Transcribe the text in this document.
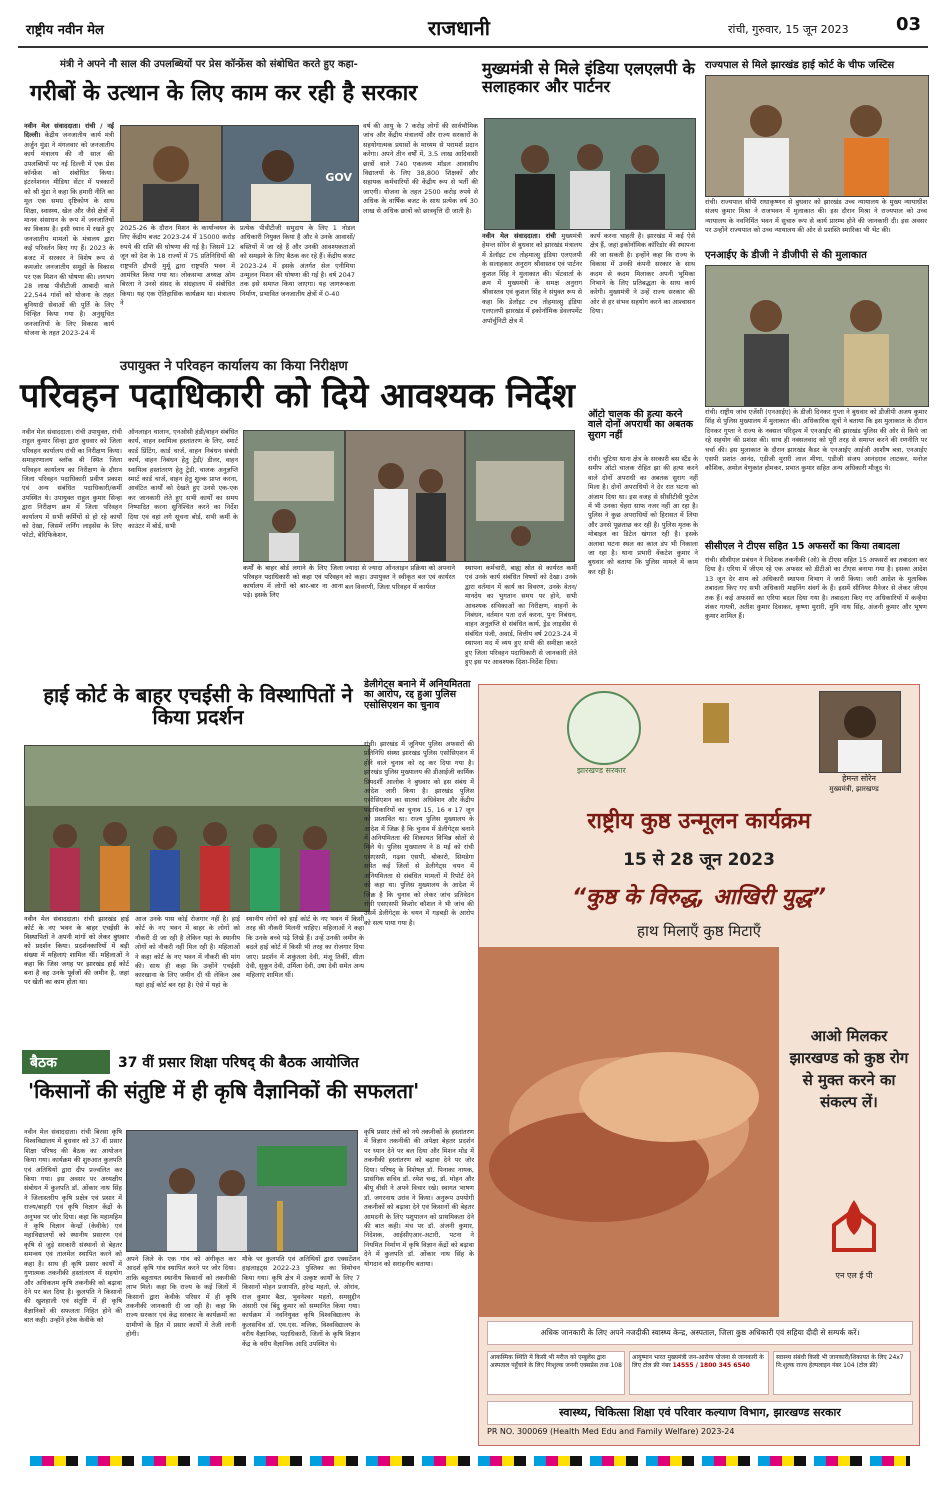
राष्ट्रीय नवीन मेल	राजधानी	रांची, गुरुवार, 15 जून 2023	03
मंत्री ने अपने नौ साल की उपलब्धियों पर प्रेस कॉन्फ्रेंस को संबोधित करते हुए कहा-
गरीबों के उत्थान के लिए काम कर रही है सरकार
नवीन मेल संवाददाता। रांची / नई दिल्ली। केंद्रीय जनजातीय कार्य मंत्री अर्जुन मुंडा ने मंगलवार को जनजातीय कार्य मंत्रालय की नौ साल की उपलब्धियों पर नई दिल्ली में एक प्रेस कॉन्फ्रेंस को संबोधित किया। इंटरनेशनल मीडिया सेंटर में पत्रकारों को श्री मुंडा ने कहा कि हमारी नीति का मूल एक समग्र दृष्टिकोण के साथ शिक्षा, स्वास्थ्य, खेल और जैसे क्षेत्रों में मानव संसाधन के रूप में जनजातियों का विकास है। इसी ध्यान में रखते हुए जनजातीय मामलों के मंत्रालय द्वारा कई परिवर्तन किए गए हैं। 2023 के बजट में सरकार ने विशेष रूप से कमजोर जनजातीय समूहों के विकास पर एक मिशन की घोषणा की। लगभग 28 लाख पीवीटीजी आबादी वाले 22,544 गांवों को योजना के तहत बुनियादी सेवाओं की पूर्ति के लिए चिन्हित किया गया है। अनुसूचित जनजातियों के लिए विकास कार्य योजना के तहत 2023-24 में
GOV
2025-26 के दौरान मिशन के कार्यान्वयन के लिए केंद्रीय बजट 2023-24 में 15000 करोड़ रुपये की राशि की घोषणा की गई है। जिसमें 12 जून को देश के 18 राज्यों में 75 प्रतिनिधियों की राष्ट्रपति द्रौपदी मुर्मू द्वारा राष्ट्रपति भवन में आमंत्रित किया गया था। लोकसभा अध्यक्ष ओम बिरला ने उनसे संसद के संग्रहालय में संबोधित किया। यह एक ऐतिहासिक कार्यक्रम था। मंत्रालय ने
प्रत्येक पीवीटीजी समुदाय के लिए 1 नोडल अधिकारी नियुक्त किया है और वे उनके आवासों/बस्तियों में जा रहे हैं और उनकी आवश्यकताओं को समझने के लिए बैठक कर रहे हैं। केंद्रीय बजट 2023-24 में इसके अंतर्गत सेल एनीमिया उन्मूलन मिशन की घोषणा की गई है। वर्ष 2047 तक इसे समाप्त किया जाएगा। यह जागरूकता निर्माण, प्रभावित जनजातीय क्षेत्रों में 0-40
वर्ष की आयु के 7 करोड़ लोगों की सार्वभौमिक जांच और केंद्रीय मंत्रालयों और राज्य सरकारों के सहयोगात्मक प्रयासों के माध्यम से परामर्श प्रदान करेगा। अपने तीन वर्षों में, 3.5 लाख आदिवासी छात्रों वाले 740 एकलव्य मॉडल आवासीय विद्यालयों के लिए 38,800 शिक्षकों और सहायक कर्मचारियों की केंद्रीय रूप से भर्ती की जाएगी। योजना के तहत 2500 करोड़ रुपये से अधिक के वार्षिक बजट के साथ प्रत्येक वर्ष 30 लाख से अधिक छात्रों को छात्रवृत्ति दी जाती है।
मुख्यमंत्री से मिले इंडिया एलएलपी के सलाहकार और पार्टनर
नवीन मेल संवाददाता। रांची मुख्यमंत्री हेमन्त सोरेन से बुधवार को झारखंड मंत्रालय में डेलॉइट टच तोहमात्सु इंडिया एलएलपी के सलाहकार अनुराग श्रीवास्तव एवं पार्टनर कुशल सिंह ने मुलाकात की। भेंटवार्ता के क्रम में मुख्यमंत्री के समक्ष अनुराग श्रीवास्तव एवं कुशल सिंह ने संयुक्त रूप से कहा कि डेलॉइट टच तोहमात्सु इंडिया एलएलपी झारखंड में इकोनॉमिक डेवलपमेंट अपॉर्चुनिटी क्षेत्र में
कार्य करना चाहती है। झारखंड में कई ऐसे क्षेत्र हैं, जहां इकोनॉमिक कॉरिडोर की स्थापना की जा सकती है। इन्होंने कहा कि राज्य के विकास में उनकी कंपनी सरकार के साथ कदम से कदम मिलाकर अपनी भूमिका निभाने के लिए प्रतिबद्धता के साथ कार्य करेगी। मुख्यमंत्री ने उन्हें राज्य सरकार की ओर से हर संभव सहयोग करने का आश्वासन दिया।
राज्यपाल से मिले झारखंड हाई कोर्ट के चीफ जस्टिस
रांची। राज्यपाल सीपी राधाकृष्णन से बुधवार को झारखंड उच्च न्यायालय के मुख्य न्यायाधीश संजय कुमार मिश्रा ने राजभवन में मुलाकात की। इस दौरान मिश्रा ने राज्यपाल को उच्च न्यायालय के नवनिर्मित भवन में सुचारु रूप से कार्य प्रारम्भ होने की जानकारी दी। इस अवसर पर उन्होंने राज्यपाल को उच्च न्यायालय की ओर से प्रशस्ति स्मारिका भी भेंट की।
एनआईए के डीजी ने डीजीपी से की मुलाकात
रांची। राष्ट्रीय जांच एजेंसी (एनआईए) के डीजी दिनकर गुप्ता ने बुधवार को डीजीपी अजय कुमार सिंह से पुलिस मुख्यालय में मुलाकात की। अधिकारिक सूत्रों ने बताया कि इस मुलाकात के दौरान दिनकर गुप्ता ने राज्य के नक्सल परिदृश्य में एनआईए की झारखंड पुलिस की ओर से किये जा रहे सहयोग की प्रशंसा की। साथ ही नक्सलवाद को पूरी तरह से समाप्त करने की रणनीति पर चर्चा की। इस मुलाकात के दौरान झारखंड कैडर के एनआईए आईजी आशीष बत्रा, एनआईए एसपी प्रशांत आनंद, एडीजी मुरारी लाल मीणा, एडीजी संजय आनंदराव लाटकर, मनोज कौशिक, अमोल वेणुकांत होमकर, प्रभात कुमार सहित अन्य अधिकारी मौजूद थे।
सीसीएल ने टीएस सहित 15 अफसरों का किया तबादला
रांची। सीसीएल प्रबंधन ने निदेशक तकनीकी (ओ) के टीएस सहित 15 अफसरों का तबादला कर दिया है। एरिया में जीएम रहे एक अफसर को डीटीओ का टीएस बनाया गया है। इसका आदेश 13 जून देर शाम को अधिकारी स्थापना विभाग ने जारी किया। जारी आदेश के मुताबिक तबादला किए गए सभी अधिकारी माइनिंग संवर्ग के हैं। इसमें सीनियर मैनेजर से लेकर जीएम तक हैं। कई अफसरों का एरिया बदल दिया गया है। तबादला किए गए अधिकारियों में कन्हैया शंकर गायत्री, अतीश कुमार दिवाकर, कृष्णा मुरारी, मुनि नाथ सिंह, अंजनी कुमार और भूषण कुमार शामिल हैं।
उपायुक्त ने परिवहन कार्यालय का किया निरीक्षण
परिवहन पदाधिकारी को दिये आवश्यक निर्देश
नवीन मेल संवाददाता। रांची उपायुक्त, रांची राहुल कुमार सिन्हा द्वारा बुधवार को जिला परिवहन कार्यालय रांची का निरीक्षण किया। समाहरणालय ब्लॉक बी स्थित जिला परिवहन कार्यालय का निरीक्षण के दौरान जिला परिवहन पदाधिकारी प्रवीण प्रकाश एवं अन्य संबंधित पदाधिकारी/कर्मी उपस्थित थे। उपायुक्त राहुल कुमार सिन्हा द्वारा निरीक्षण क्रम में जिला परिवहन कार्यालय में सभी कर्मियों से हो रहे कार्यों को देखा, जिसमें लर्निंग लाइसेंस के लिए फोटो, बेरिफिकेशन,
ऑनलाइन चालान, एनओसी हंडी/वाहन संबंधित कार्य, वाहन स्वामित्व हस्तांतरण के लिए, स्मार्ट कार्ड प्रिंटिंग, कार्ड चार्ज, वाहन निबंधन संबंधी कार्य, वाहन निबंधन हेतु ट्रेडी/ डीलर, वाहन स्वामित्व हस्तांतरण हेतु ट्रेडी, चालक अनुज्ञप्ति स्मार्ट कार्ड चार्ज, वाहन हेतु शुल्क प्राप्त करना, आवंटित कार्यों को देखते हुए उनसे एक-एक कर जानकारी लेते हुए सभी कार्यों का समय निष्पादित करना सुनिश्चित करने का निर्देश दिया एवं वहां लगे सूचना बोर्ड, सभी कर्मी के काउंटर में बोर्ड, सभी
कर्मों के बाहर बोर्ड लगाने के लिए जिला परिवहन पदाधिकारी को कहा एवं परिवहन कार्यालय में लोगों को बार-बार ना आना पड़े। इसके लिए
ज्यादा से ज्यादा ऑनलाइन प्रक्रिया को अपनाने को कहा। उपायुक्त ने स्वीकृत बल एवं कार्यरत बल विवरणी, जिला परिवहन में कार्यरत
स्थापना कर्मचारी, बाह्य स्रोत से कार्यरत कर्मी एवं उनके कार्य संबंधित विषयों को देखा। उनके द्वारा वर्तमान में कार्य का विवरण, उनके वेतन/मानदेय का भुगतान समय पर होने, सभी आवश्यक संचिकाओं का निरीक्षण, वाहनों के निबंधन, वर्तमान पता दर्ज करना, पुनः निबंधन, वाहन अनुज्ञप्ति से संबंधित कार्य, ड्रेड लाइसेंस से संबंधित पंजी, अवार्ड, वित्तीय वर्ष 2023-24 में स्थापना मद में व्यय हुए सभी की समीक्षा करते हुए जिला परिवहन पदाधिकारी से जानकारी लेते हुए इस पर आवश्यक दिशा-निर्देश दिया।
ऑटो चालक की हत्या करने वाले दोनों अपराधी का अबतक सुराग नहीं
रांची। चुटिया थाना क्षेत्र के सरकारी बस स्टैंड के समीप ऑटो चालक रोहित झा की हत्या करने वाले दोनों अपराधी का अबतक सुराग नहीं मिला है। दोनों अपराधियों ने देर रात घटना को अंजाम दिया था। इस वजह से सीसीटीवी फुटेज में भी उनका चेहरा साफ नजर नहीं आ रहा है। पुलिस ने कुछ अपराधियों को हिरासत में लिया और उनसे पूछताछ कर रही है। पुलिस मृतक के मोबाइल का डिटेल खंगाल रही है। इसके अलावा घटना स्थल का काल डंप भी निकाला जा रहा है। थाना प्रभारी वेंकटेश कुमार ने बुधवार को बताया कि पुलिस मामले में काम कर रही है।
हाई कोर्ट के बाहर एचईसी के विस्थापितों ने किया प्रदर्शन
नवीन मेल संवाददाता। रांची झारखंड हाई कोर्ट के नए भवन के बाहर एचईसी के विस्थापितों ने अपनी मांगों को लेकर बुधवार को प्रदर्शन किया। प्रदर्शनकारियों में बड़ी संख्या में महिलाएं शामिल थीं। महिलाओं ने कहा कि जिस जगह पर झारखंड हाई कोर्ट बना है वह उनके पूर्वजों की जमीन है, जहां पर खेती का काम होता था।
आज उनके पास कोई रोजगार नहीं है। हाई कोर्ट के नए भवन में बाहर के लोगों को नौकरी दी जा रही है लेकिन यहां के स्थानीय लोगों को नौकरी नहीं मिल रही है। महिलाओं ने कहा कोर्ट के नए भवन में नौकरी की मांग की। साथ ही कहा कि उन्होंने एचईसी कारखाना के लिए जमीन दी थी लेकिन अब यहां हाई कोर्ट बन रहा है। ऐसे में यहां के
स्थानीय लोगों को हाई कोर्ट के नए भवन में किसी तरह की नौकरी मिलनी चाहिए। महिलाओं ने कहा कि उनके बच्चे पढ़े लिखे हैं। उन्हें उनकी जमीन के बदले हाई कोर्ट में किसी भी तरह का रोजगार दिया जाए। प्रदर्शन में शकुंतला देवी, मंजू तिर्की, सीता देवी, सुकून देवी, उर्मिला देवी, उषा देवी समेत अन्य महिलाएं शामिल थीं।
डेलीगेट्स बनाने में अनियमितता का आरोप, रद्द हुआ पुलिस एसोसिएशन का चुनाव
रांची। झारखंड में जूनियर पुलिस अफसरों की प्रतिनिधि संस्था झारखंड पुलिस एसोसिएशन में होने वाले चुनाव को रद्द कर दिया गया है। झारखंड पुलिस मुख्यालय की डीआईजी कार्मिक प्रियदर्शी आलोक ने बुधवार को इस संबंध में आदेश जारी किया है। झारखंड पुलिस एसोसिएशन का सातवां अधिवेशन और केंद्रीय पदाधिकारियों का चुनाव 15, 16 व 17 जून को प्रस्तावित था। राज्य पुलिस मुख्यालय के आदेश में जिक्र है कि चुनाव में डेलीगेट्स बनाने में अनियमितता की शिकायत विभिन्न स्रोतों से मिले थे। पुलिस मुख्यालय ने 8 मई को रांची एसएसपी, गढ़वा एसपी, बोकारो, सिमडेगा समेत कई जिलों से डेलीगेट्स चयन में अनियमितता से संबंधित मामलों में रिपोर्ट देने को कहा था। पुलिस मुख्यालय के आदेश में जिक्र है कि चुनाव को लेकर जांच प्रतिवेदन रांची एसएसपी किशोर कौशल ने भी जांच की उसमें डेलीगेट्स के चयन में गड़बड़ी के आरोप को सत्य पाया गया है।
बैठक	37 वीं प्रसार शिक्षा परिषद् की बैठक आयोजित
'किसानों की संतुष्टि में ही कृषि वैज्ञानिकों की सफलता'
नवीन मेल संवाददाता। रांची बिरसा कृषि विश्वविद्यालय में बुधवार को 37 वीं प्रसार शिक्षा परिषद की बैठक का आयोजन किया गया। कार्यक्रम की शुरुआत कुलपति एवं अतिथियों द्वारा दीप प्रज्वलित कर किया गया। इस अवसर पर अध्यक्षीय संबोधन में कुलपति डॉ. ओंकार नाथ सिंह ने जिलास्तरीय कृषि प्रक्षेत्र एवं प्रसार में राज्य/बाहरी एवं कृषि विज्ञान केंद्रों के अनुभव पर जोर दिया। कहा कि महामहिम ने कृषि विज्ञान केन्द्रों (केवीके) एवं महाविद्यालयों को स्थानीय प्रसारण एवं कृषि से जुड़े सरकारी संस्थानों से बेहतर समन्वय एवं तालमेल स्थापित करने को कहा है। साथ ही कृषि प्रसार कार्यों में गुणात्मक तकनीकी हस्तांतरण में सहयोग और अधिकतम कृषि तकनीकी को बढ़ावा देने पर बल दिया है। कुलपति ने किसानों की खुशहाली एवं संतुष्टि में ही कृषि वैज्ञानिकों की सफलता निहित होने की बात कही। उन्होंने हरेक केवीके को
अपने जिले के एक गांव को अंगीकृत कर आदर्श कृषि गांव स्थापित करने पर जोर दिया। ताकि बहुतायत स्थानीय किसानों को तकनीकी लाभ मिले। कहा कि राज्य के कई जिलों में किसानों द्वारा केवीके परिसर में ही कृषि तकनीकी जानकारी दी जा रही है। कहा कि राज्य सरकार एवं केंद्र सरकार के कार्यक्रमों का ग्रामीणों के हित में प्रसार कार्यों में तेजी लानी होगी।
मौके पर कुलपति एवं अतिथियों द्वारा एक्सटेंशन हाइलाइट्स 2022-23 पुस्तिका का विमोचन किया गया। कृषि क्षेत्र में उत्कृष्ट कार्यों के लिए 7 किसानों मोहन प्रजापति, हरेन्द्र महतो, जे. ओरांव, राज कुमार बैठा, भुवनेश्वर महतो, समसुद्दीन अंसारी एवं बिंदु कुमार को सम्मानित किया गया। कार्यक्रम में नवनियुक्त कृषि विश्वविद्यालय के कुलसचिव डॉ. एम.एस. मलिक, विश्वविद्यालय के वरीय वैज्ञानिक, पदाधिकारी, जिलों के कृषि विज्ञान केंद्र के वरीय वैज्ञानिक आदि उपस्थित थे।
कृषि प्रसार तंत्रों को नये तकनीकों के हस्तांतरण में विज्ञान तकनीकी की अपेक्षा बेहतर प्रदर्शन पर ध्यान देने पर बल दिया और मिशन मोड में तकनीकी हस्तांतरण को बढ़ावा देने पर जोर दिया। परिषद् के विशेषज्ञ डॉ. पिनाका नायक, प्रासंगिक सचिव डॉ. रमेश चन्द्र, डॉ. मोहन और बीयू वीसी ने अपने विचार रखे। स्वागत भाषण डॉ. जगरनाथ उरांव ने किया। अनुरूप उपयोगी तकनीकों को बढ़ावा देने एवं किसानों की बेहतर आमदनी के लिए पशुपालन को प्राथमिकता देने की बात कही। मंच पर डॉ. अंजनी कुमार, निदेशक, आईसीएआर-अटारी, पटना ने नियमित निर्माण में कृषि विज्ञान केंद्रों को बढ़ावा देने में कुलपति डॉ. ओंकार नाथ सिंह के योगदान को सराहनीय बताया।
झारखण्ड सरकार
हेमन्त सोरेन
मुख्यमंत्री, झारखण्ड
राष्ट्रीय कुष्ठ उन्मूलन कार्यक्रम
15 से 28 जून 2023
“कुष्ठ के विरुद्ध, आखिरी युद्ध”
हाथ मिलाएँ कुष्ठ मिटाएँ
आओ मिलकर झारखण्ड को कुष्ठ रोग से मुक्त करने का संकल्प लें।
एन एल ई पी
अधिक जानकारी के लिए अपने नजदीकी स्वास्थ्य केन्द्र, अस्पताल, जिला कुष्ठ अधिकारी एवं सहिया दीदी से सम्पर्क करें।
आकस्मिक स्थिति में किसी भी मरीज को एम्बुलेंस द्वारा अस्पताल पहुँचाने के लिए निःशुल्क जननी एक्सप्रेस तथा 108
आयुष्मान भारत मुख्यमंत्री जन-आरोग्य योजना से जानकारी के लिए टोल फ्री नंबर 14555 / 1800 345 6540
स्वास्थ्य संबंधी किसी भी जानकारी/शिकायत के लिए 24x7 नि:शुल्क राज्य हेल्पलाइन नंबर 104 (टोल फ्री)
स्वास्थ्य, चिकित्सा शिक्षा एवं परिवार कल्याण विभाग, झारखण्ड सरकार
PR NO. 300069 (Health Med Edu and Family Welfare) 2023-24
